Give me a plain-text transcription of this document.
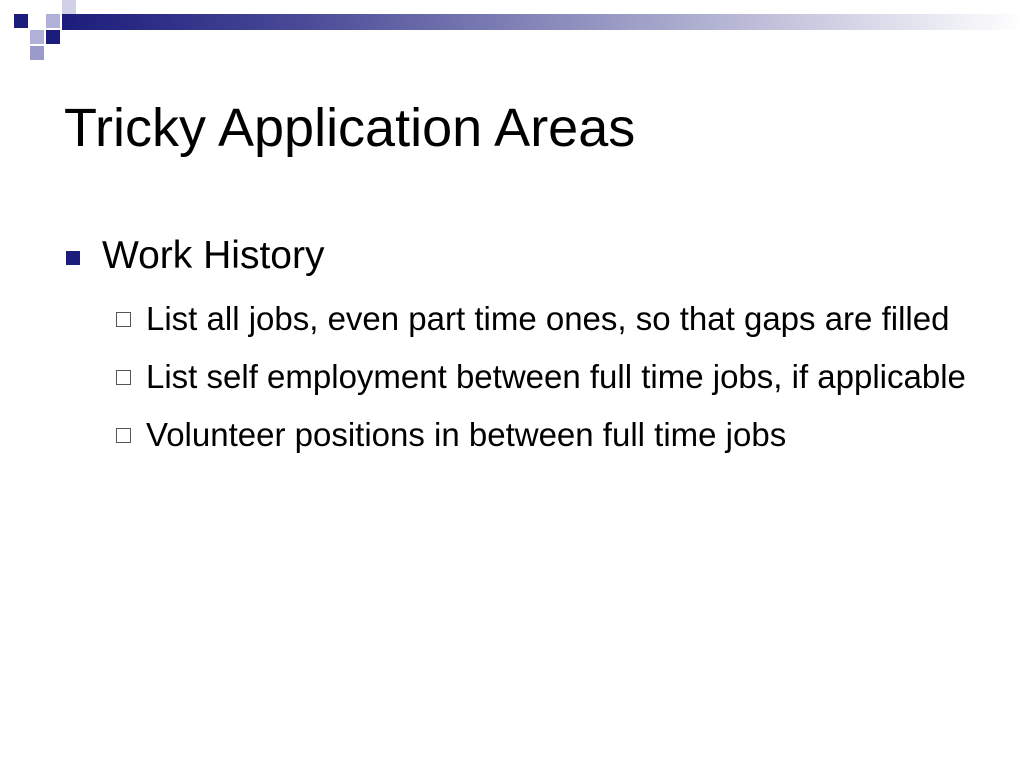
Tricky Application Areas
Work History
List all jobs, even part time ones, so that gaps are filled
List self employment between full time jobs, if applicable
Volunteer positions in between full time jobs
